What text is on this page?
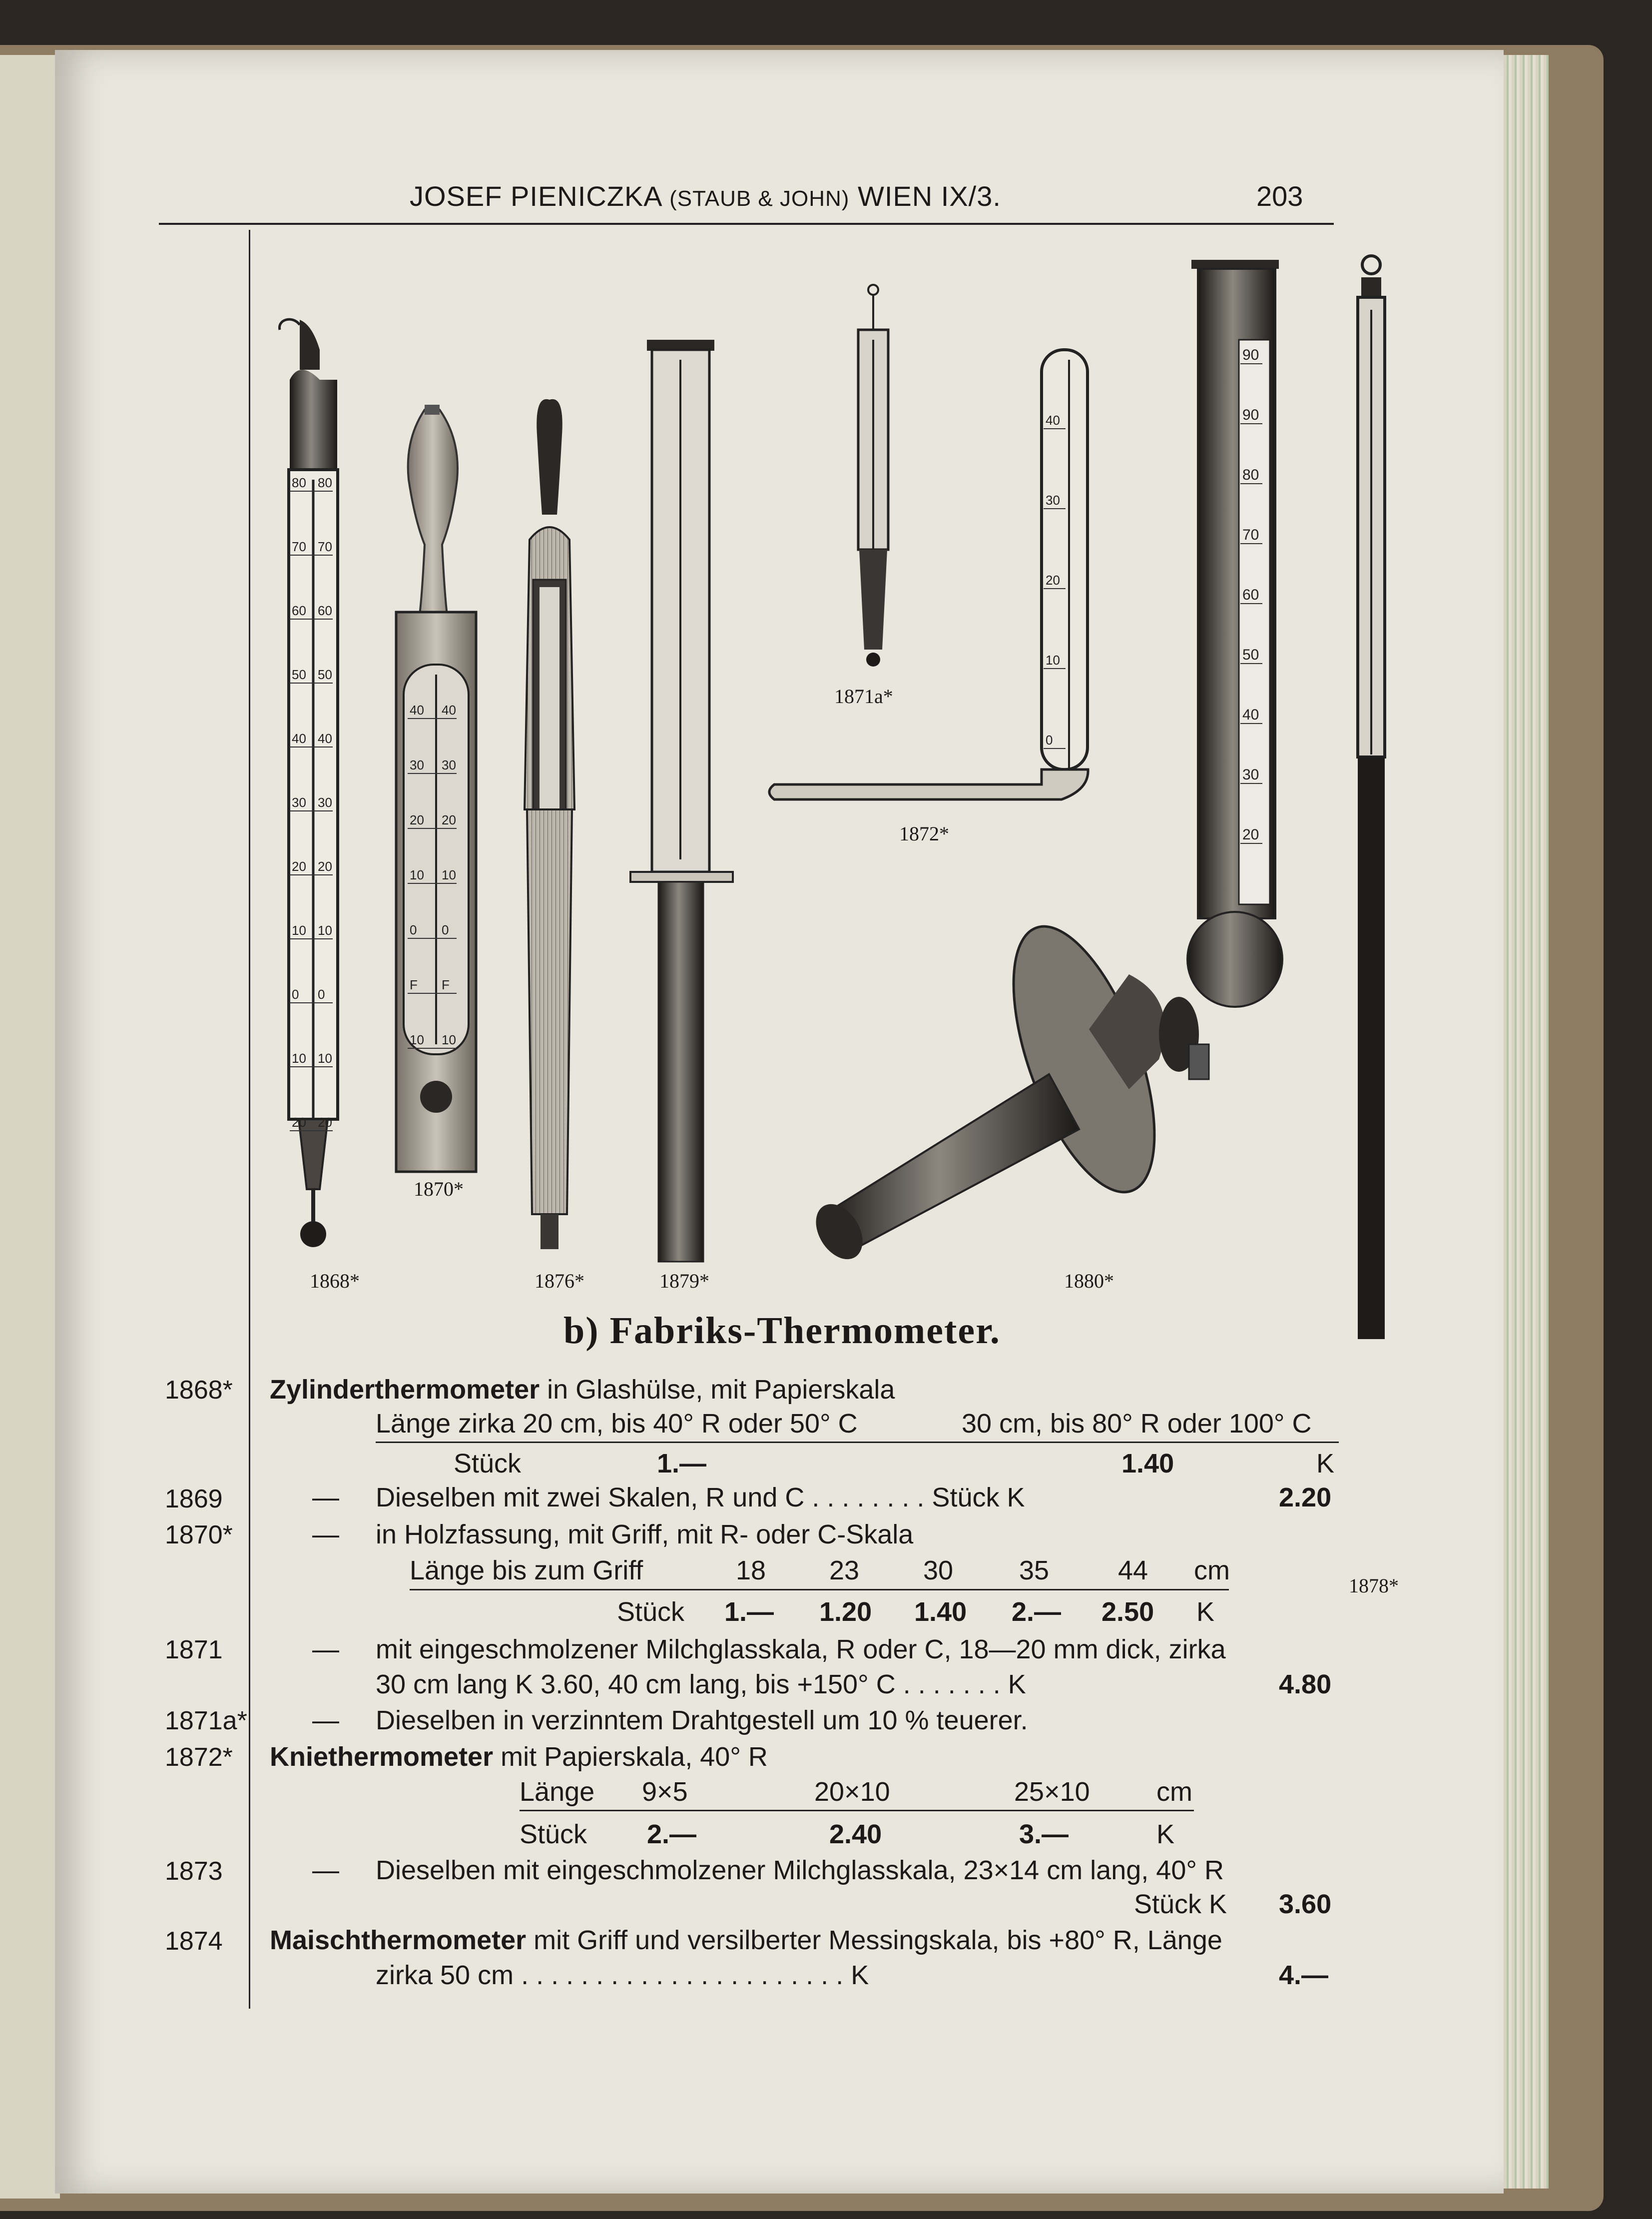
JOSEF PIENICZKA (STAUB & JOHN) WIEN IX/3.	203
80 80
70 70
60 60
50 50
40 40
30 30
20 20
10 10
0 0
10 10
20 20
40 40
30 30
20 20
10 10
0 0
F F
10 10
40
30
20
10
0
90
90
80
70
60
50
40
30
20
1868*
1870*
1876*	1879*
1871a*
1872*
1880*
1878*
b) Fabriks-Thermometer.
1868* Zylinderthermometer in Glashülse, mit Papierskala
Länge zirka 20 cm, bis 40° R oder 50° C	30 cm, bis 80° R oder 100° C
Stück	1.—	1.40	K
1869	— Dieselben mit zwei Skalen, R und C . . . . . . . . Stück K	2.20
1870*	— in Holzfassung, mit Griff, mit R- oder C-Skala
Länge bis zum Griff	18 23 30 35	44 cm
Stück 1.— 1.20 1.40 2.— 2.50 K
1871	— mit eingeschmolzener Milchglasskala, R oder C, 18—20 mm dick, zirka
30 cm lang K 3.60, 40 cm lang, bis +150° C . . . . . . . K	4.80
1871a* — Dieselben in verzinntem Drahtgestell um 10 % teuerer.
1872* Kniethermometer mit Papierskala, 40° R
Länge 9×5	20×10	25×10 cm
Stück 2.—	2.40	3.—	K
1873	— Dieselben mit eingeschmolzener Milchglasskala, 23×14 cm lang, 40° R
Stück K 3.60
1874 Maischthermometer mit Griff und versilberter Messingskala, bis +80° R, Länge
zirka 50 cm . . . . . . . . . . . . . . . . . . . . . . K	4.—
